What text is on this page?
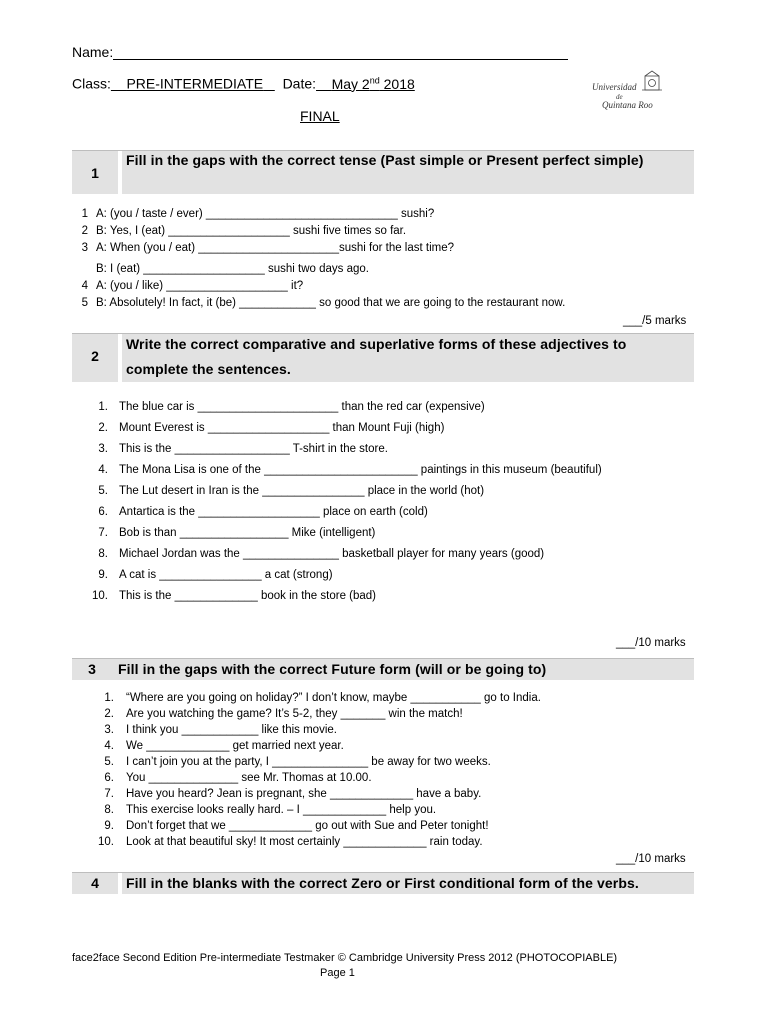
Name:
Class: PRE-INTERMEDIATE Date: May 2nd 2018
FINAL
Universidad
de
Quintana Roo
1
Fill in the gaps with the correct tense (Past simple or Present perfect simple)
1 A: (you / taste / ever) ______________________________ sushi?
2 B: Yes, I (eat) ___________________ sushi five times so far.
3 A: When (you / eat) ______________________sushi for the last time?
B: I (eat) ___________________ sushi two days ago.
4 A: (you / like) ___________________ it?
5 B: Absolutely! In fact, it (be) ____________ so good that we are going to the restaurant now.
___/5 marks
2
Write the correct comparative and superlative forms of these adjectives to complete the sentences.
1. The blue car is ______________________ than the red car (expensive)
2. Mount Everest is ___________________ than Mount Fuji (high)
3. This is the __________________ T-shirt in the store.
4. The Mona Lisa is one of the ________________________ paintings in this museum (beautiful)
5. The Lut desert in Iran is the ________________ place in the world (hot)
6. Antartica is the ___________________ place on earth (cold)
7. Bob is than _________________ Mike (intelligent)
8. Michael Jordan was the _______________ basketball player for many years (good)
9. A cat is ________________ a cat (strong)
10. This is the _____________ book in the store (bad)
___/10 marks
3	Fill in the gaps with the correct Future form (will or be going to)
1. “Where are you going on holiday?” I don’t know, maybe ___________ go to India.
2. Are you watching the game? It’s 5-2, they _______ win the match!
3. I think you ____________ like this movie.
4. We _____________ get married next year.
5. I can’t join you at the party, I _______________ be away for two weeks.
6. You ______________ see Mr. Thomas at 10.00.
7. Have you heard? Jean is pregnant, she _____________ have a baby.
8. This exercise looks really hard. – I _____________ help you.
9. Don’t forget that we _____________ go out with Sue and Peter tonight!
10. Look at that beautiful sky! It most certainly _____________ rain today.
___/10 marks
4	Fill in the blanks with the correct Zero or First conditional form of the verbs.
face2face Second Edition Pre-intermediate Testmaker © Cambridge University Press 2012 (PHOTOCOPIABLE)
Page 1
